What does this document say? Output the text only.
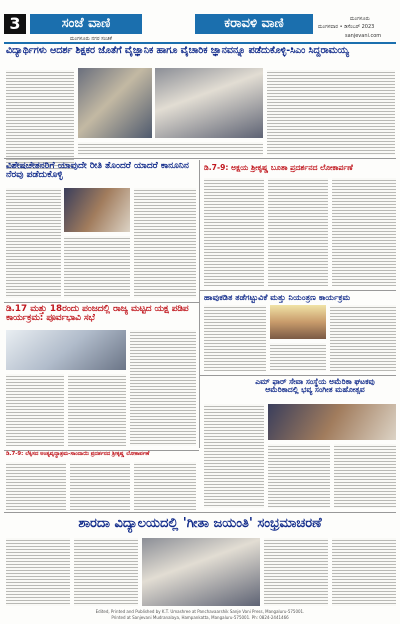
3	ಸಂಜೆ ವಾಣಿ
ಮಂಗಳೂರು ನಗರ ಸಂಚಿಕೆ
ಕರಾವಳಿ ವಾಣಿ	ಮಂಗಳೂರು
ಮಂಗಳವಾರ • ಡಿಸೆಂಬರ್ 2023
sanjevani.com
ವಿದ್ಯಾರ್ಥಿಗಳು ಆದರ್ಶ ಶಿಕ್ಷಕರ ಜೊತೆಗೆ ವೈಜ್ಞಾನಿಕ ಹಾಗೂ ವೈಚಾರಿಕ ಜ್ಞಾನವನ್ನೂ ಪಡೆದುಕೊಳ್ಳಿ-ಸಿಎಂ ಸಿದ್ದರಾಮಯ್ಯ
ವಿಶೇಷಚೇತನರಿಗೆ ಯಾವುದೇ ರೀತಿ ತೊಂದರೆ ಯಾದರೆ ಕಾನೂನಿನ ನೆರವು ಪಡೆದುಕೊಳ್ಳಿ
ಡಿ.7-9: ಅಕ್ಷಯ ಶ್ರೀಕೃಷ್ಣ ಬೂತಾ ಪ್ರದರ್ಶನದ ಲೋಕಾರ್ಪಣೆ
ಹಾವುಕಡಿತ ತಡೆಗಟ್ಟುವಿಕೆ ಮತ್ತು ನಿಯಂತ್ರಣ ಕಾರ್ಯಕ್ರಮ
ಎಮ್ ಫಾರ್ ಸೇವಾ ಸಂಸ್ಥೆಯ ಅಮೆರಿಕಾ ಘಟಕವು ಆಮೆರಿಕಾದಲ್ಲಿ ಭವ್ಯ ಸಂಗೀತ ಮಹೋತ್ಸವ
ಡಿ.17 ಮತ್ತು 18ರಂದು ಪಂಜದಲ್ಲಿ ರಾಜ್ಯ ಮಟ್ಟದ ಯಕ್ಷ ಪಡಿಪ ಕಾರ್ಯಕ್ರಮ: ಪೂರ್ವಭಾವಿ ಸಭೆ
ಡಿ.7-9: ಲೆಕ್ಕಿಸದ ಅಂತ್ಯವೃದ್ಧಾಶ್ರಮ-ಸಾಂದಾಯಿ ಪ್ರದರ್ಶನದ ಶ್ರೀಕೃಷ್ಣ ಲೋಕಾರ್ಪಣೆ
ಶಾರದಾ ವಿದ್ಯಾಲಯದಲ್ಲಿ 'ಗೀತಾ ಜಯಂತಿ' ಸಂಭ್ರಮಾಚರಣೆ
Edited, Printed and Published by K.T. Umashree at Panchavaarshik Sanje Vani Press, Mangaluru-575001.
Printed at Sanjevani Mudranalaya, Hampankatta, Mangaluru-575001. Ph: 0824-2441466
